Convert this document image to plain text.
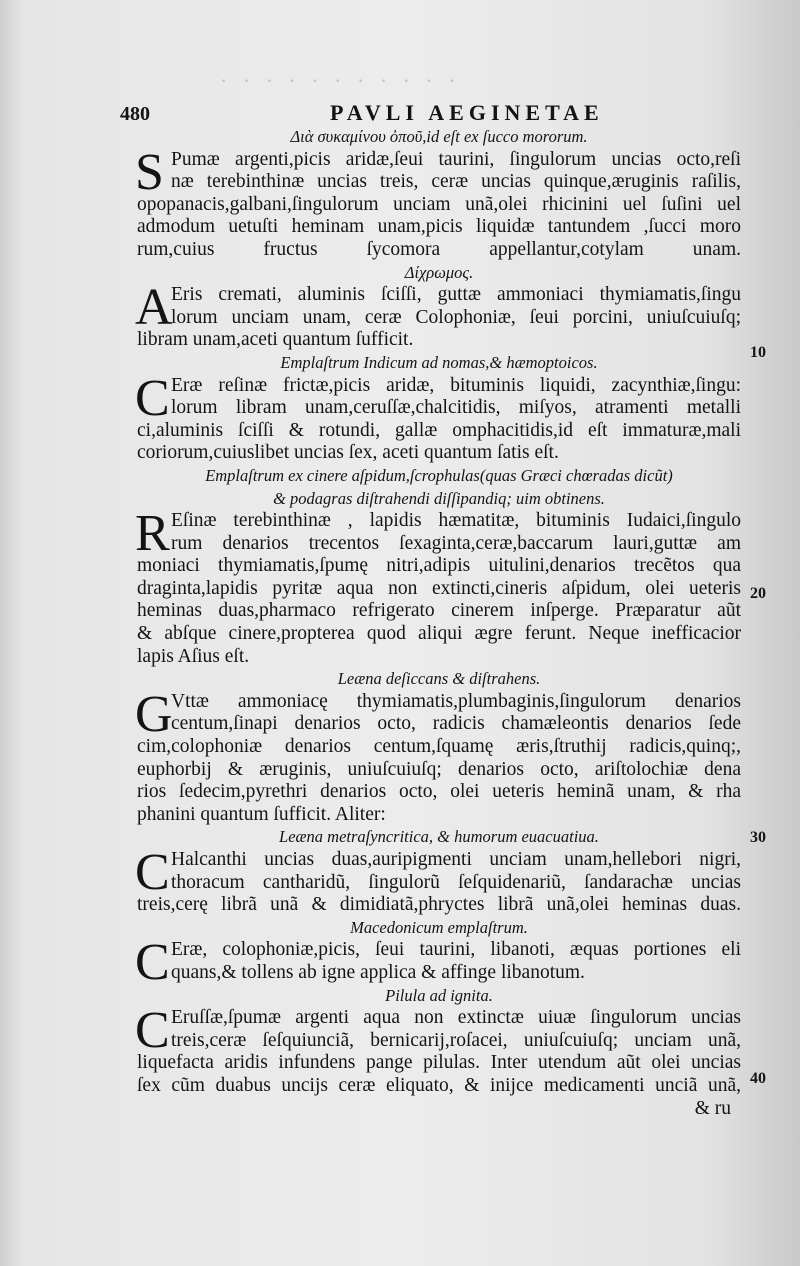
· · · · · · · · · · ·
480	PAVLI AEGINETAE
Διὰ συκαμίνου ὀποῦ,id eſt ex ſucco mororum.
S Pumæ argenti,picis aridæ,ſeui taurini, ſingulorum uncias octo,reſi
næ terebinthinæ uncias treis, ceræ uncias quinque,æruginis raſilis,
opopanacis,galbani,ſingulorum unciam unã,olei rhicinini uel ſuſini uel
admodum uetuſti heminam unam,picis liquidæ tantundem ,ſucci moro
rum,cuius fructus ſycomora appellantur,cotylam unam.
Δίχρωμος.
A
Eris cremati, aluminis ſciſſi, guttæ ammoniaci thymiamatis,ſingu
lorum unciam unam, ceræ Colophoniæ, ſeui porcini, uniuſcuiuſq;
libram unam,aceti quantum ſufficit.
Emplaſtrum Indicum ad nomas,& hæmoptoicos.
C Eræ reſinæ frictæ,picis aridæ, bituminis liquidi, zacynthiæ,ſingu:
lorum libram unam,ceruſſæ,chalcitidis, miſyos, atramenti metalli
ci,aluminis ſciſſi & rotundi, gallæ omphacitidis,id eſt immaturæ,mali
coriorum,cuiuslibet uncias ſex, aceti quantum ſatis eſt.
Emplaſtrum ex cinere aſpidum,ſcrophulas(quas Græci chœradas dicũt)
& podagras diſtrahendi diſſipandiq; uim obtinens.
R Eſinæ terebinthinæ , lapidis hæmatitæ, bituminis Iudaici,ſingulo
rum denarios trecentos ſexaginta,ceræ,baccarum lauri,guttæ am
moniaci thymiamatis,ſpumę nitri,adipis uitulini,denarios trecẽtos qua
draginta,lapidis pyritæ aqua non extincti,cineris aſpidum, olei ueteris
heminas duas,pharmaco refrigerato cinerem inſperge. Præparatur aũt
& abſque cinere,propterea quod aliqui ægre ferunt. Neque inefficacior
lapis Aſius eſt.
Leæna deſiccans & diſtrahens.
G
Vttæ ammoniacę thymiamatis,plumbaginis,ſingulorum denarios
centum,ſinapi denarios octo, radicis chamæleontis denarios ſede
cim,colophoniæ denarios centum,ſquamę æris,ſtruthij radicis,quinq;,
euphorbij & æruginis, uniuſcuiuſq; denarios octo, ariſtolochiæ dena
rios ſedecim,pyrethri denarios octo, olei ueteris heminã unam, & rha
phanini quantum ſufficit. Aliter:
Leæna metraſyncritica, & humorum euacuatiua.
C Halcanthi uncias duas,auripigmenti unciam unam,hellebori nigri,
thoracum cantharidũ, ſingulorũ ſeſquidenariũ, ſandarachæ uncias
treis,cerę librã unã & dimidiatã,phryctes librã unã,olei heminas duas.
Macedonicum emplaſtrum.
C Eræ, colophoniæ,picis, ſeui taurini, libanoti, æquas portiones eli
quans,& tollens ab igne applica & affinge libanotum.
Pilula ad ignita.
C Eruſſæ,ſpumæ argenti aqua non extinctæ uiuæ ſingulorum uncias
treis,ceræ ſeſquiunciã, bernicarij,roſacei, uniuſcuiuſq; unciam unã,
liquefacta aridis infundens pange pilulas. Inter utendum aũt olei uncias
ſex cũm duabus uncijs ceræ eliquato, & inijce medicamenti unciã unã,
& ru
10
20
30
40
